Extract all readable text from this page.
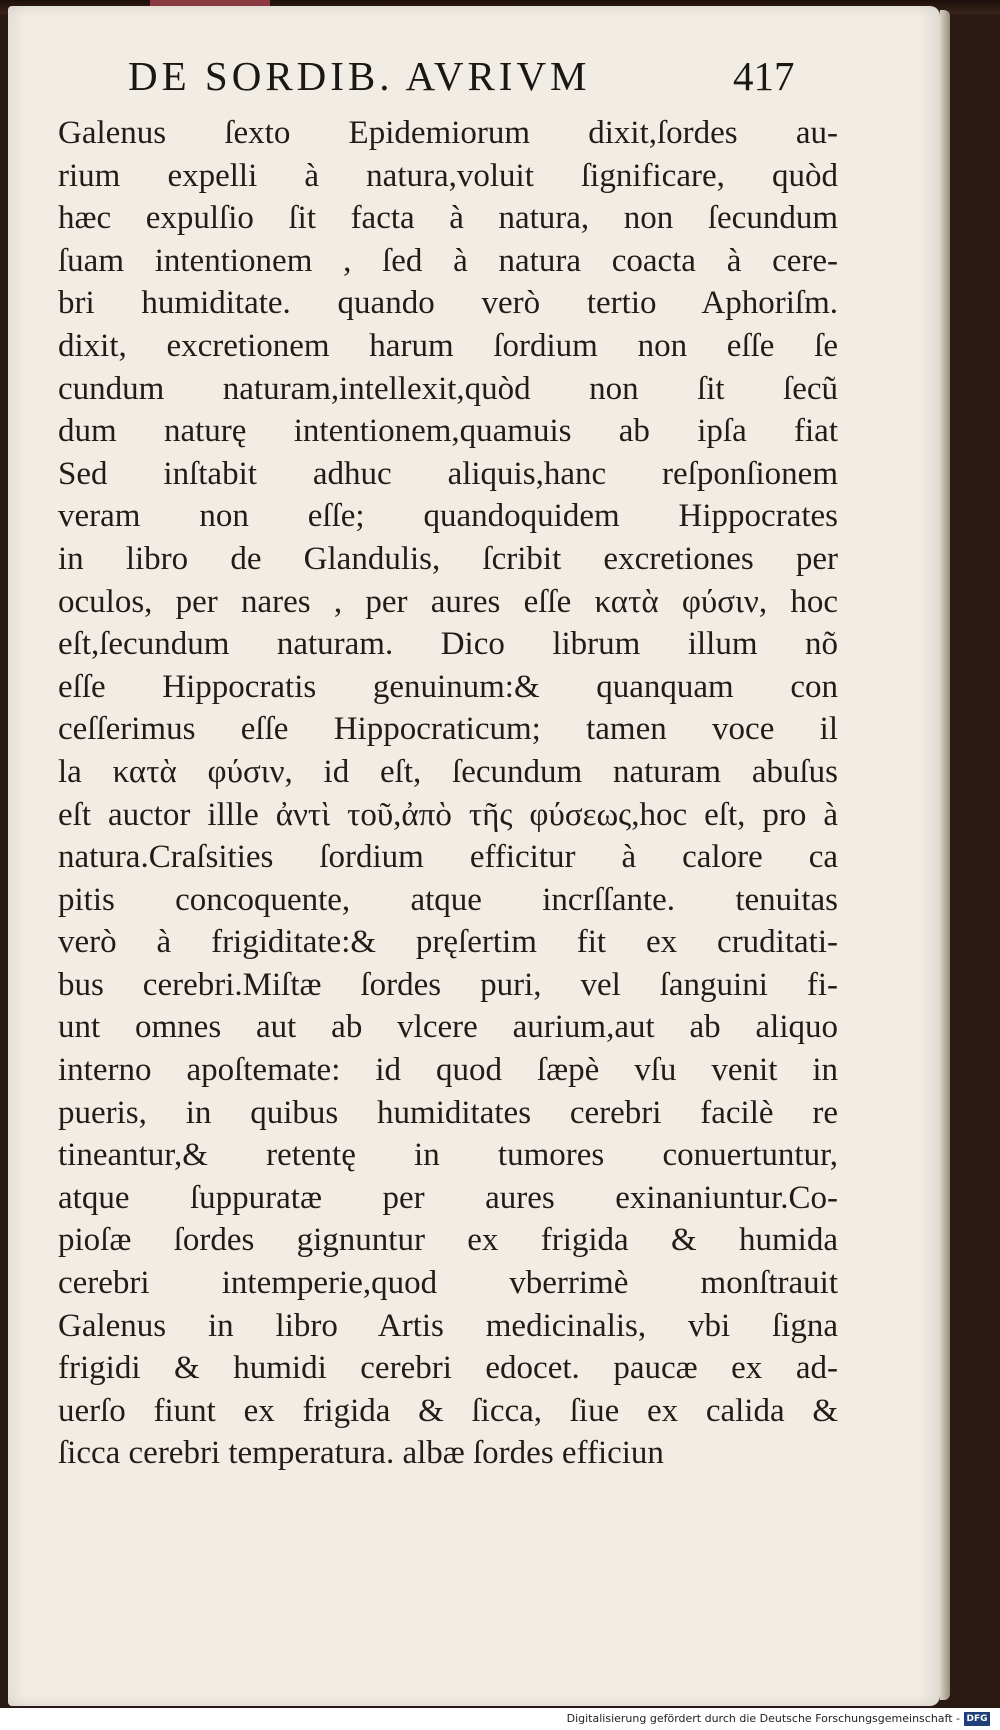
DE SORDIB. AVRIVM	417
Galenus ſexto Epidemiorum dixit,ſordes au-
rium expelli à natura,voluit ſignificare, quòd
hæc expulſio ſit facta à natura, non ſecundum
ſuam intentionem , ſed à natura coacta à cere-
bri humiditate. quando verò tertio Aphoriſm.
dixit, excretionem harum ſordium non eſſe ſe
cundum naturam,intellexit,quòd non ſit ſecũ
dum naturę intentionem,quamuis ab ipſa fiat
Sed inſtabit adhuc aliquis,hanc reſponſionem
veram non eſſe; quandoquidem Hippocrates
in libro de Glandulis, ſcribit excretiones per
oculos, per nares , per aures eſſe κατὰ φύσιν, hoc
eſt,ſecundum naturam. Dico librum illum nõ
eſſe Hippocratis genuinum:& quanquam con
ceſſerimus eſſe Hippocraticum; tamen voce il
la κατὰ φύσιν, id eſt, ſecundum naturam abuſus
eſt auctor illle ἀντὶ τοῦ,ἀπὸ τῆς φύσεως,hoc eſt, pro à
natura.Craſsities ſordium efficitur à calore ca
pitis concoquente, atque incrſſante. tenuitas
verò à frigiditate:& pręſertim fit ex cruditati-
bus cerebri.Miſtæ ſordes puri, vel ſanguini fi-
unt omnes aut ab vlcere aurium,aut ab aliquo
interno apoſtemate: id quod ſæpè vſu venit in
pueris, in quibus humiditates cerebri facilè re
tineantur,& retentę in tumores conuertuntur,
atque ſuppuratæ per aures exinaniuntur.Co-
pioſæ ſordes gignuntur ex frigida & humida
cerebri intemperie,quod vberrimè monſtrauit
Galenus in libro Artis medicinalis, vbi ſigna
frigidi & humidi cerebri edocet. paucæ ex ad-
uerſo fiunt ex frigida & ſicca, ſiue ex calida &
ſicca cerebri temperatura. albæ ſordes efficiun
Digitalisierung gefördert durch die Deutsche Forschungsgemeinschaft - DFG
